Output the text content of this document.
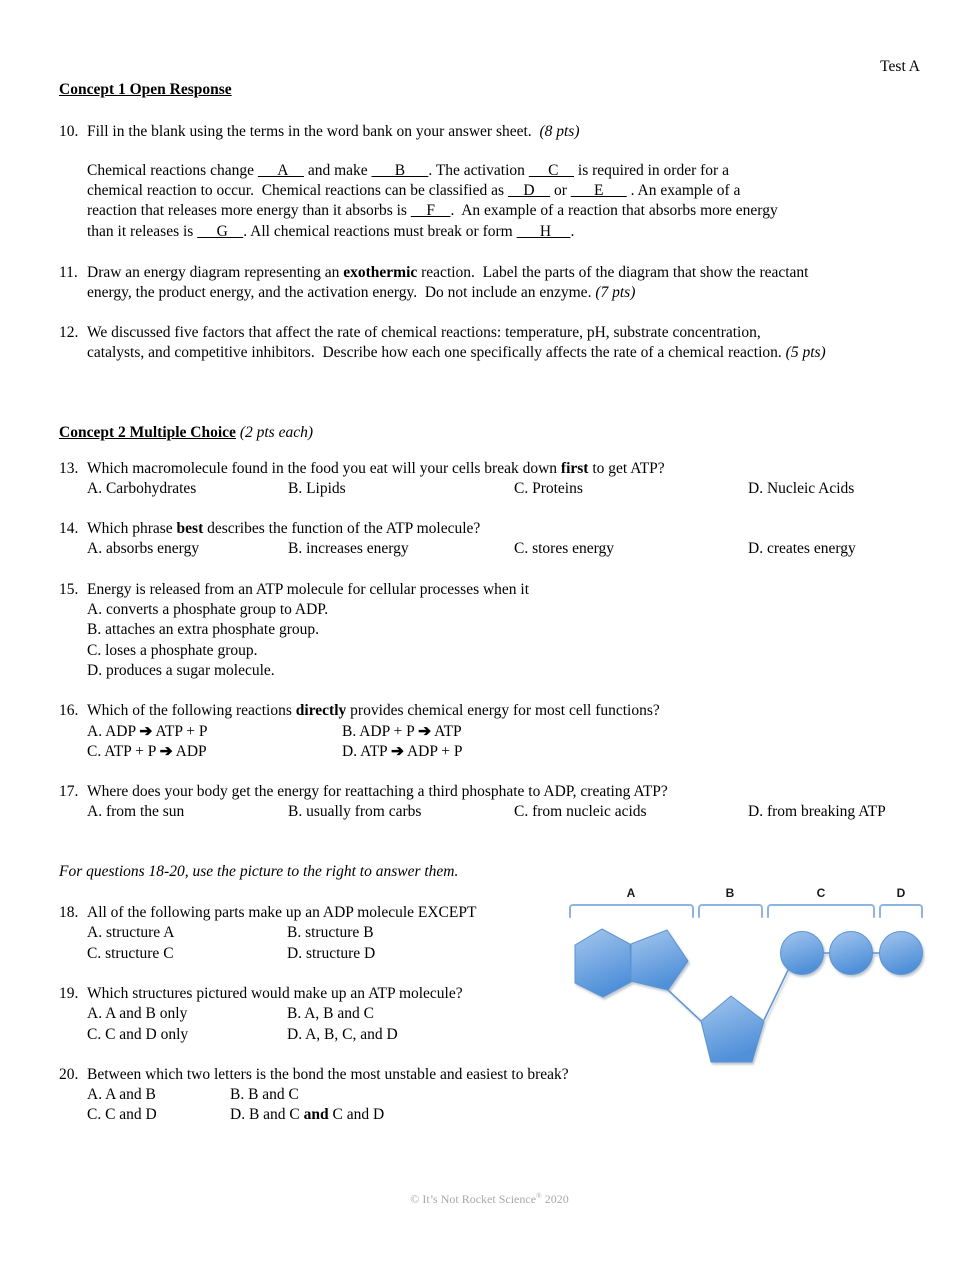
Test A
Concept 1 Open Response
10. Fill in the blank using the terms in the word bank on your answer sheet.  (8 pts)
Chemical reactions change      A     and make       B      . The activation      C     is required in order for a
chemical reaction to occur.  Chemical reactions can be classified as     D     or       E       . An example of a
reaction that releases more energy than it absorbs is     F    .  An example of a reaction that absorbs more energy
than it releases is      G    . All chemical reactions must break or form       H     .
11. Draw an energy diagram representing an exothermic reaction.  Label the parts of the diagram that show the reactant
energy, the product energy, and the activation energy.  Do not include an enzyme. (7 pts)
12. We discussed five factors that affect the rate of chemical reactions: temperature, pH, substrate concentration,
catalysts, and competitive inhibitors.  Describe how each one specifically affects the rate of a chemical reaction. (5 pts)
Concept 2 Multiple Choice (2 pts each)
13. Which macromolecule found in the food you eat will your cells break down first to get ATP?
A. Carbohydrates	B. Lipids	C. Proteins	D. Nucleic Acids
14. Which phrase best describes the function of the ATP molecule?
A. absorbs energy	B. increases energy	C. stores energy	D. creates energy
15. Energy is released from an ATP molecule for cellular processes when it
A. converts a phosphate group to ADP.
B. attaches an extra phosphate group.
C. loses a phosphate group.
D. produces a sugar molecule.
16. Which of the following reactions directly provides chemical energy for most cell functions?
A. ADP ➔ ATP + P	B. ADP + P ➔ ATP
C. ATP + P ➔ ADP	D. ATP ➔ ADP + P
17. Where does your body get the energy for reattaching a third phosphate to ADP, creating ATP?
A. from the sun	B. usually from carbs	C. from nucleic acids	D. from breaking ATP
For questions 18-20, use the picture to the right to answer them.
18. All of the following parts make up an ADP molecule EXCEPT
A. structure A	B. structure B
C. structure C	D. structure D
19. Which structures pictured would make up an ATP molecule?
A. A and B only	B. A, B and C
C. C and D only	D. A, B, C, and D
20. Between which two letters is the bond the most unstable and easiest to break?
A. A and B	B. B and C
C. C and D	D. B and C and C and D
A	B	C	D
© It’s Not Rocket Science® 2020
